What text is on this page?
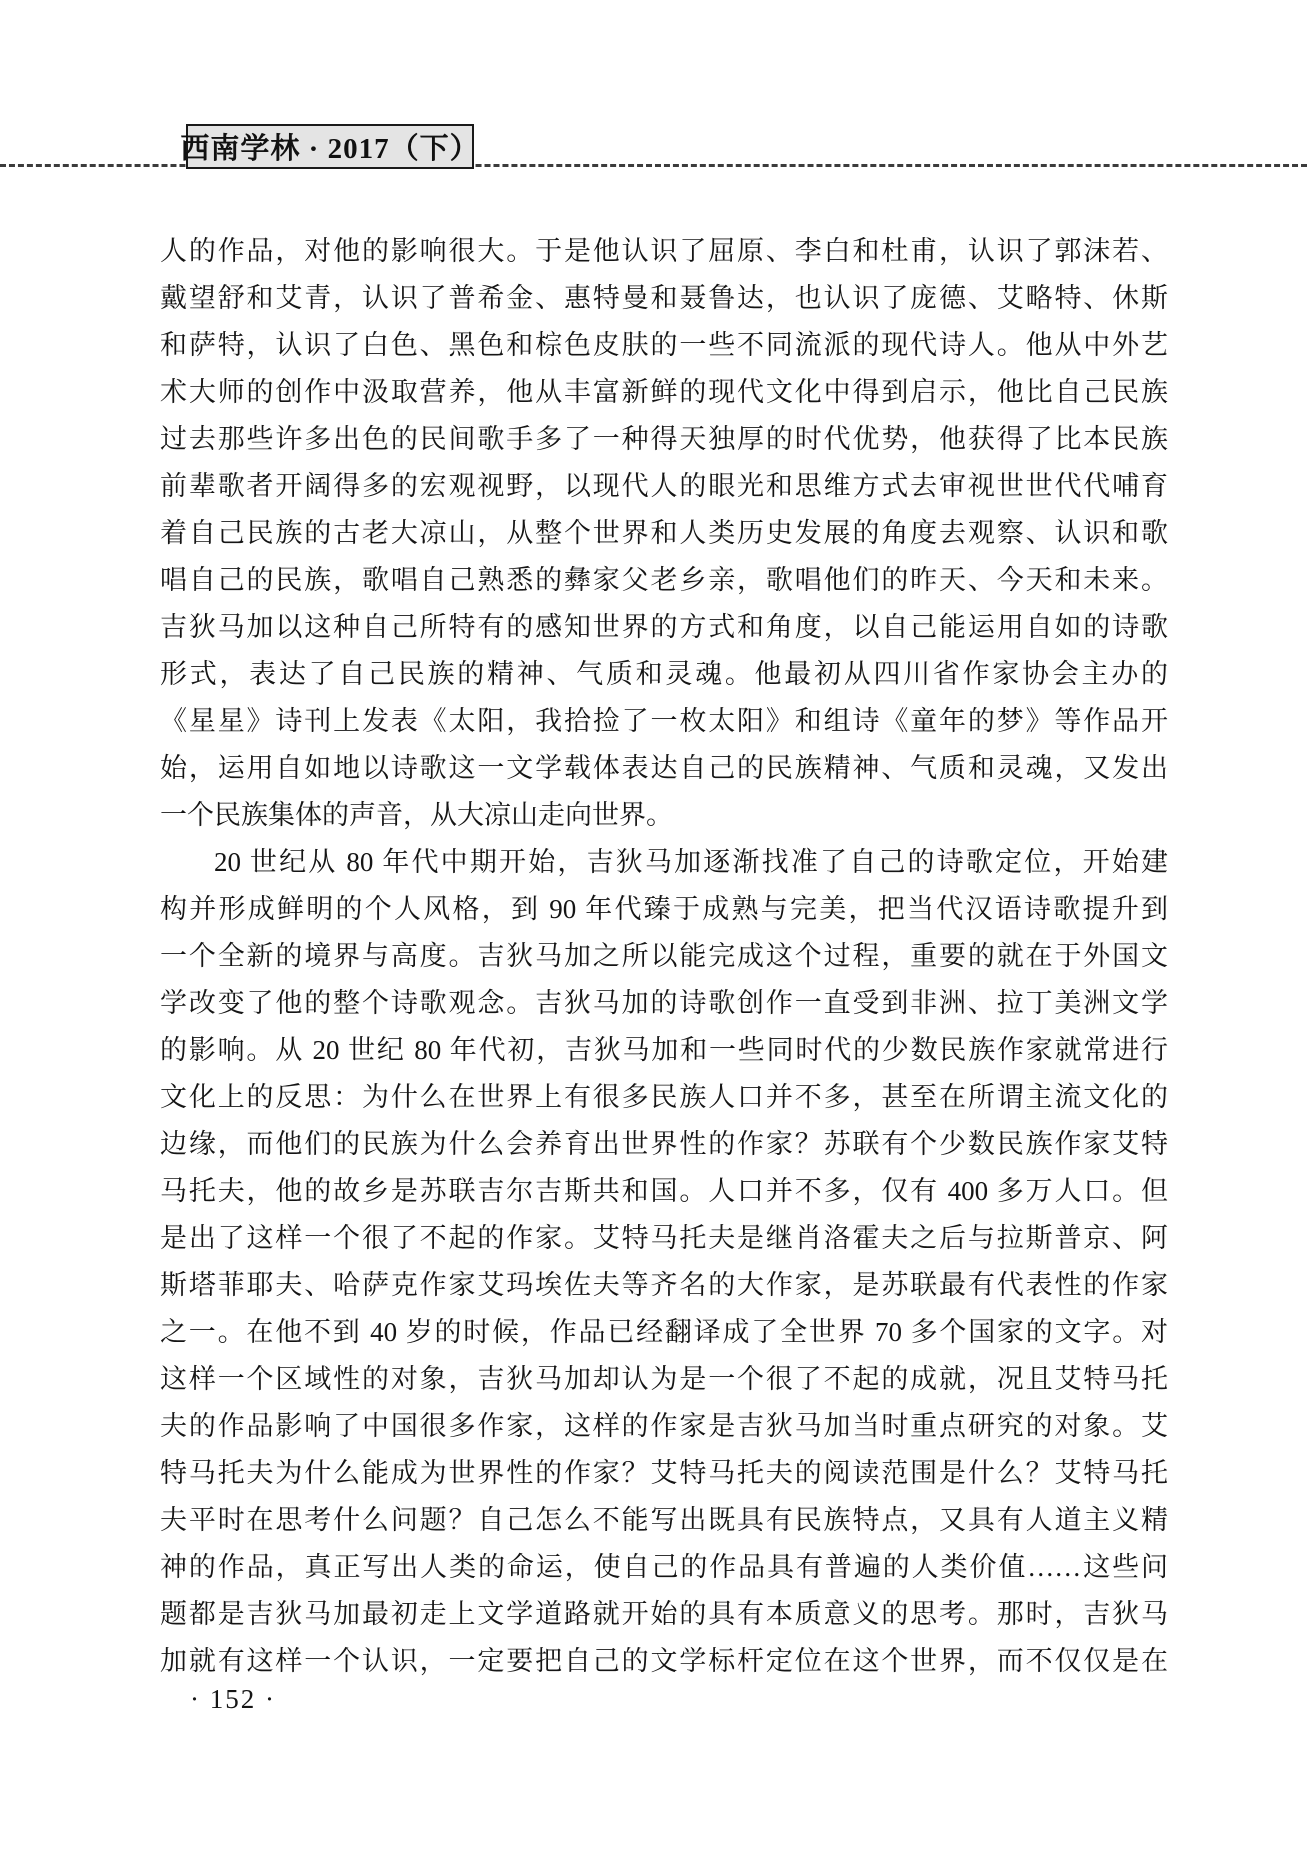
西南学林 · 2017（下）
人的作品，对他的影响很大。于是他认识了屈原、李白和杜甫，认识了郭沫若、
戴望舒和艾青，认识了普希金、惠特曼和聂鲁达，也认识了庞德、艾略特、休斯
和萨特，认识了白色、黑色和棕色皮肤的一些不同流派的现代诗人。他从中外艺
术大师的创作中汲取营养，他从丰富新鲜的现代文化中得到启示，他比自己民族
过去那些许多出色的民间歌手多了一种得天独厚的时代优势，他获得了比本民族
前辈歌者开阔得多的宏观视野，以现代人的眼光和思维方式去审视世世代代哺育
着自己民族的古老大凉山，从整个世界和人类历史发展的角度去观察、认识和歌
唱自己的民族，歌唱自己熟悉的彝家父老乡亲，歌唱他们的昨天、今天和未来。
吉狄马加以这种自己所特有的感知世界的方式和角度，以自己能运用自如的诗歌
形式，表达了自己民族的精神、气质和灵魂。他最初从四川省作家协会主办的
《星星》诗刊上发表《太阳，我拾捡了一枚太阳》和组诗《童年的梦》等作品开
始，运用自如地以诗歌这一文学载体表达自己的民族精神、气质和灵魂，又发出
一个民族集体的声音，从大凉山走向世界。
20 世纪从 80 年代中期开始，吉狄马加逐渐找准了自己的诗歌定位，开始建
构并形成鲜明的个人风格，到 90 年代臻于成熟与完美，把当代汉语诗歌提升到
一个全新的境界与高度。吉狄马加之所以能完成这个过程，重要的就在于外国文
学改变了他的整个诗歌观念。吉狄马加的诗歌创作一直受到非洲、拉丁美洲文学
的影响。从 20 世纪 80 年代初，吉狄马加和一些同时代的少数民族作家就常进行
文化上的反思：为什么在世界上有很多民族人口并不多，甚至在所谓主流文化的
边缘，而他们的民族为什么会养育出世界性的作家？苏联有个少数民族作家艾特
马托夫，他的故乡是苏联吉尔吉斯共和国。人口并不多，仅有 400 多万人口。但
是出了这样一个很了不起的作家。艾特马托夫是继肖洛霍夫之后与拉斯普京、阿
斯塔菲耶夫、哈萨克作家艾玛埃佐夫等齐名的大作家，是苏联最有代表性的作家
之一。在他不到 40 岁的时候，作品已经翻译成了全世界 70 多个国家的文字。对
这样一个区域性的对象，吉狄马加却认为是一个很了不起的成就，况且艾特马托
夫的作品影响了中国很多作家，这样的作家是吉狄马加当时重点研究的对象。艾
特马托夫为什么能成为世界性的作家？艾特马托夫的阅读范围是什么？艾特马托
夫平时在思考什么问题？自己怎么不能写出既具有民族特点，又具有人道主义精
神的作品，真正写出人类的命运，使自己的作品具有普遍的人类价值……这些问
题都是吉狄马加最初走上文学道路就开始的具有本质意义的思考。那时，吉狄马
加就有这样一个认识，一定要把自己的文学标杆定位在这个世界，而不仅仅是在
· 152 ·
